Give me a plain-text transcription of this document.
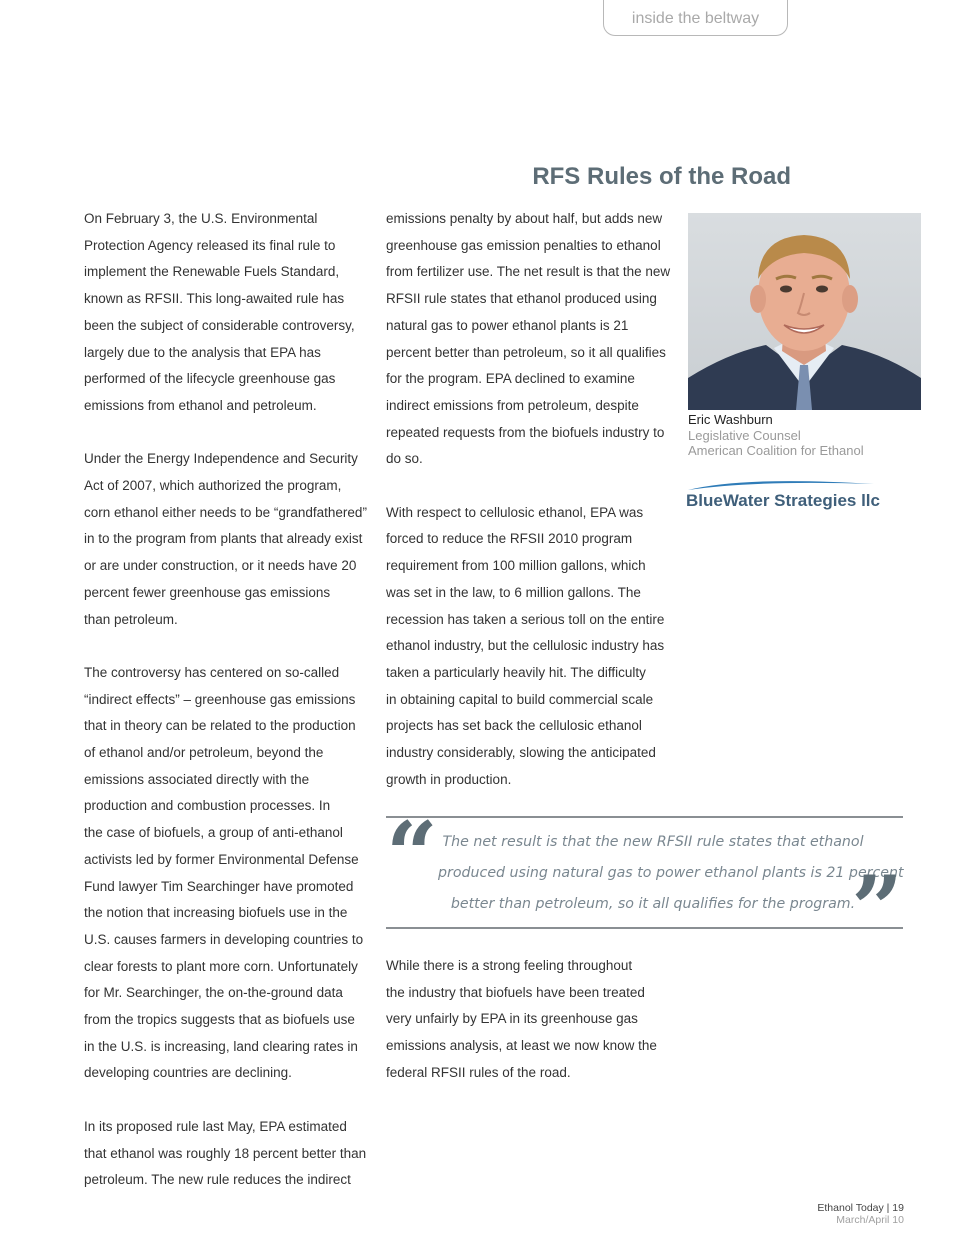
inside the beltway
RFS Rules of the Road

On February 3, the U.S. Environmental

Protection Agency released its final rule to

implement the Renewable Fuels Standard,

known as RFSII. This long-awaited rule has

been the subject of considerable controversy,

largely due to the analysis that EPA has

performed of the lifecycle greenhouse gas

emissions from ethanol and petroleum.

Under the Energy Independence and Security

Act of 2007, which authorized the program,

corn ethanol either needs to be “grandfathered”

in to the program from plants that already exist

or are under construction, or it needs have 20

percent fewer greenhouse gas emissions

than petroleum.

The controversy has centered on so-called

“indirect effects” – greenhouse gas emissions

that in theory can be related to the production

of ethanol and/or petroleum, beyond the

emissions associated directly with the

production and combustion processes. In

the case of biofuels, a group of anti-ethanol

activists led by former Environmental Defense

Fund lawyer Tim Searchinger have promoted

the notion that increasing biofuels use in the

U.S. causes farmers in developing countries to

clear forests to plant more corn. Unfortunately

for Mr. Searchinger, the on-the-ground data

from the tropics suggests that as biofuels use

in the U.S. is increasing, land clearing rates in

developing countries are declining.

In its proposed rule last May, EPA estimated

that ethanol was roughly 18 percent better than

petroleum. The new rule reduces the indirect

emissions penalty by about half, but adds new

greenhouse gas emission penalties to ethanol

from fertilizer use. The net result is that the new

RFSII rule states that ethanol produced using

natural gas to power ethanol plants is 21

percent better than petroleum, so it all qualifies

for the program. EPA declined to examine

indirect emissions from petroleum, despite

repeated requests from the biofuels industry to

do so.

With respect to cellulosic ethanol, EPA was

forced to reduce the RFSII 2010 program

requirement from 100 million gallons, which

was set in the law, to 6 million gallons. The

recession has taken a serious toll on the entire

ethanol industry, but the cellulosic industry has

taken a particularly heavily hit. The difficulty

in obtaining capital to build commercial scale

projects has set back the cellulosic ethanol

industry considerably, slowing the anticipated

growth in production.

Eric Washburn

Legislative Counsel

American Coalition for Ethanol

BlueWater Strategies llc
“ The net result is that the new RFSII rule states that ethanol
produced using natural gas to power ethanol plants is 21 percent
better than petroleum, so it all qualifies for the program.
”

While there is a strong feeling throughout

the industry that biofuels have been treated

very unfairly by EPA in its greenhouse gas

emissions analysis, at least we now know the

federal RFSII rules of the road.

Ethanol Today | 19
March/April 10
